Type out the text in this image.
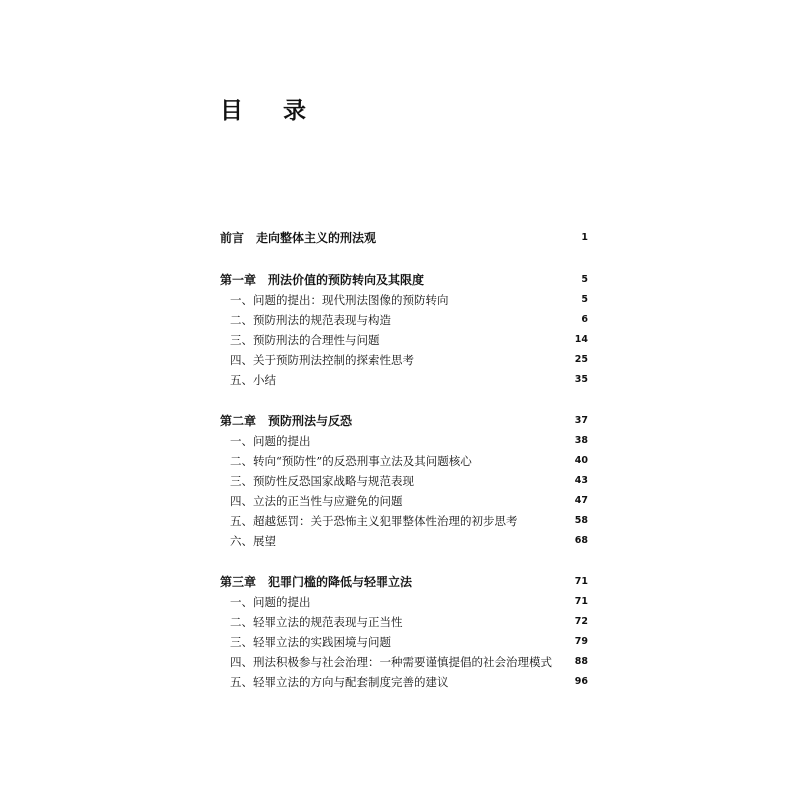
目 录
前言　走向整体主义的刑法观	1
第一章　刑法价值的预防转向及其限度	5
一、问题的提出：现代刑法图像的预防转向	5
二、预防刑法的规范表现与构造	6
三、预防刑法的合理性与问题	14
四、关于预防刑法控制的探索性思考	25
五、小结	35
第二章　预防刑法与反恐	37
一、问题的提出	38
二、转向“预防性”的反恐刑事立法及其问题核心	40
三、预防性反恐国家战略与规范表现	43
四、立法的正当性与应避免的问题	47
五、超越惩罚：关于恐怖主义犯罪整体性治理的初步思考	58
六、展望	68
第三章　犯罪门槛的降低与轻罪立法	71
一、问题的提出	71
二、轻罪立法的规范表现与正当性	72
三、轻罪立法的实践困境与问题	79
四、刑法积极参与社会治理：一种需要谨慎提倡的社会治理模式 88
五、轻罪立法的方向与配套制度完善的建议	96
